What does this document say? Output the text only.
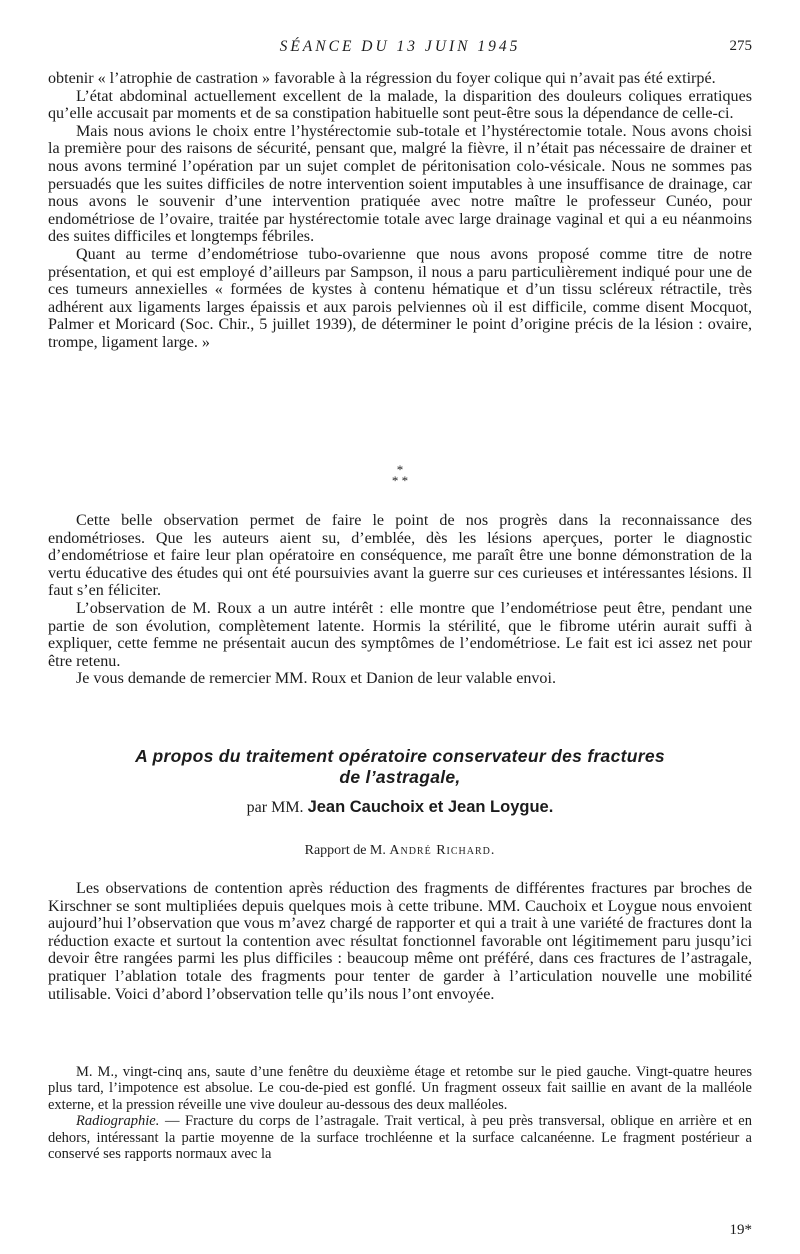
SÉANCE DU 13 JUIN 1945	275

obtenir « l’atrophie de castration » favorable à la régression du foyer colique qui n’avait pas été extirpé.

L’état abdominal actuellement excellent de la malade, la disparition des douleurs coliques erratiques qu’elle accusait par moments et de sa constipation habituelle sont peut-être sous la dépendance de celle-ci.

Mais nous avions le choix entre l’hystérectomie sub-totale et l’hystérectomie totale. Nous avons choisi la première pour des raisons de sécurité, pensant que, malgré la fièvre, il n’était pas nécessaire de drainer et nous avons terminé l’opération par un sujet complet de péritonisation colo-vésicale. Nous ne sommes pas persuadés que les suites difficiles de notre intervention soient imputables à une insuffisance de drainage, car nous avons le souvenir d’une intervention pratiquée avec notre maître le professeur Cunéo, pour endométriose de l’ovaire, traitée par hystérectomie totale avec large drainage vaginal et qui a eu néanmoins des suites difficiles et longtemps fébriles.

Quant au terme d’endométriose tubo-ovarienne que nous avons proposé comme titre de notre présentation, et qui est employé d’ailleurs par Sampson, il nous a paru particulièrement indiqué pour une de ces tumeurs annexielles « formées de kystes à contenu hématique et d’un tissu scléreux rétractile, très adhérent aux ligaments larges épaissis et aux parois pelviennes où il est difficile, comme disent Mocquot, Palmer et Moricard (Soc. Chir., 5 juillet 1939), de déterminer le point d’origine précis de la lésion : ovaire, trompe, ligament large. »

*
* *

Cette belle observation permet de faire le point de nos progrès dans la reconnaissance des endométrioses. Que les auteurs aient su, d’emblée, dès les lésions aperçues, porter le diagnostic d’endométriose et faire leur plan opératoire en conséquence, me paraît être une bonne démonstration de la vertu éducative des études qui ont été poursuivies avant la guerre sur ces curieuses et intéressantes lésions. Il faut s’en féliciter.

L’observation de M. Roux a un autre intérêt : elle montre que l’endométriose peut être, pendant une partie de son évolution, complètement latente. Hormis la stérilité, que le fibrome utérin aurait suffi à expliquer, cette femme ne présentait aucun des symptômes de l’endométriose. Le fait est ici assez net pour être retenu.

Je vous demande de remercier MM. Roux et Danion de leur valable envoi.

A propos du traitement opératoire conservateur des fractures
de l’astragale,
par MM. Jean Cauchoix et Jean Loygue.
Rapport de M. André Richard.

Les observations de contention après réduction des fragments de différentes fractures par broches de Kirschner se sont multipliées depuis quelques mois à cette tribune. MM. Cauchoix et Loygue nous envoient aujourd’hui l’observation que vous m’avez chargé de rapporter et qui a trait à une variété de fractures dont la réduction exacte et surtout la contention avec résultat fonctionnel favorable ont légitimement paru jusqu’ici devoir être rangées parmi les plus difficiles : beaucoup même ont préféré, dans ces fractures de l’astragale, pratiquer l’ablation totale des fragments pour tenter de garder à l’articulation nouvelle une mobilité utilisable. Voici d’abord l’observation telle qu’ils nous l’ont envoyée.

M. M., vingt-cinq ans, saute d’une fenêtre du deuxième étage et retombe sur le pied gauche. Vingt-quatre heures plus tard, l’impotence est absolue. Le cou-de-pied est gonflé. Un fragment osseux fait saillie en avant de la malléole externe, et la pression réveille une vive douleur au-dessous des deux malléoles.

Radiographie. — Fracture du corps de l’astragale. Trait vertical, à peu près transversal, oblique en arrière et en dehors, intéressant la partie moyenne de la surface trochléenne et la surface calcanéenne. Le fragment postérieur a conservé ses rapports normaux avec la

19*
